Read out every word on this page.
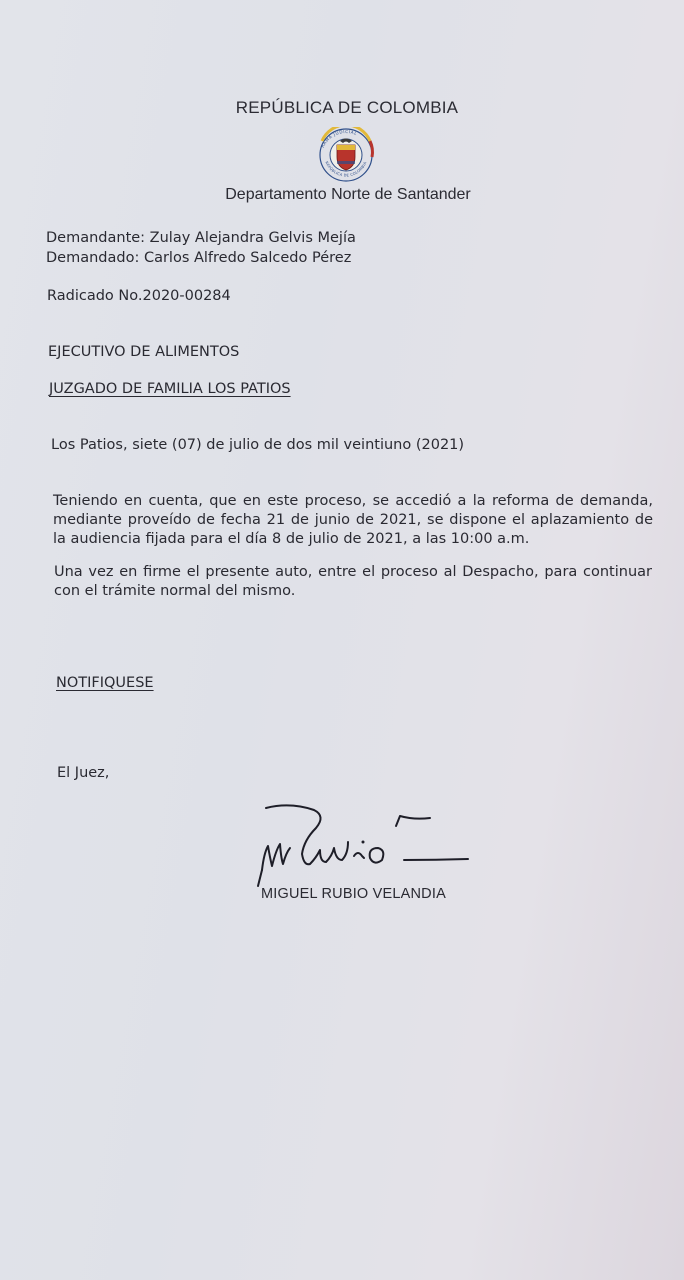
REPÚBLICA DE COLOMBIA
RAMA JUDICIAL
REPÚBLICA DE COLOMBIA
Departamento Norte de Santander
Demandante: Zulay Alejandra Gelvis Mejía
Demandado: Carlos Alfredo Salcedo Pérez
Radicado No.2020-00284
EJECUTIVO DE ALIMENTOS
JUZGADO DE FAMILIA LOS PATIOS
Los Patios, siete (07) de julio de dos mil veintiuno (2021)
Teniendo en cuenta, que en este proceso, se accedió a la reforma de demanda, mediante proveído de fecha 21 de junio de 2021, se dispone el aplazamiento de la audiencia fijada para el día 8 de julio de 2021, a las 10:00 a.m.
Una vez en firme el presente auto, entre el proceso al Despacho, para continuar con el trámite normal del mismo.
NOTIFIQUESE
El Juez,
MIGUEL RUBIO VELANDIA
